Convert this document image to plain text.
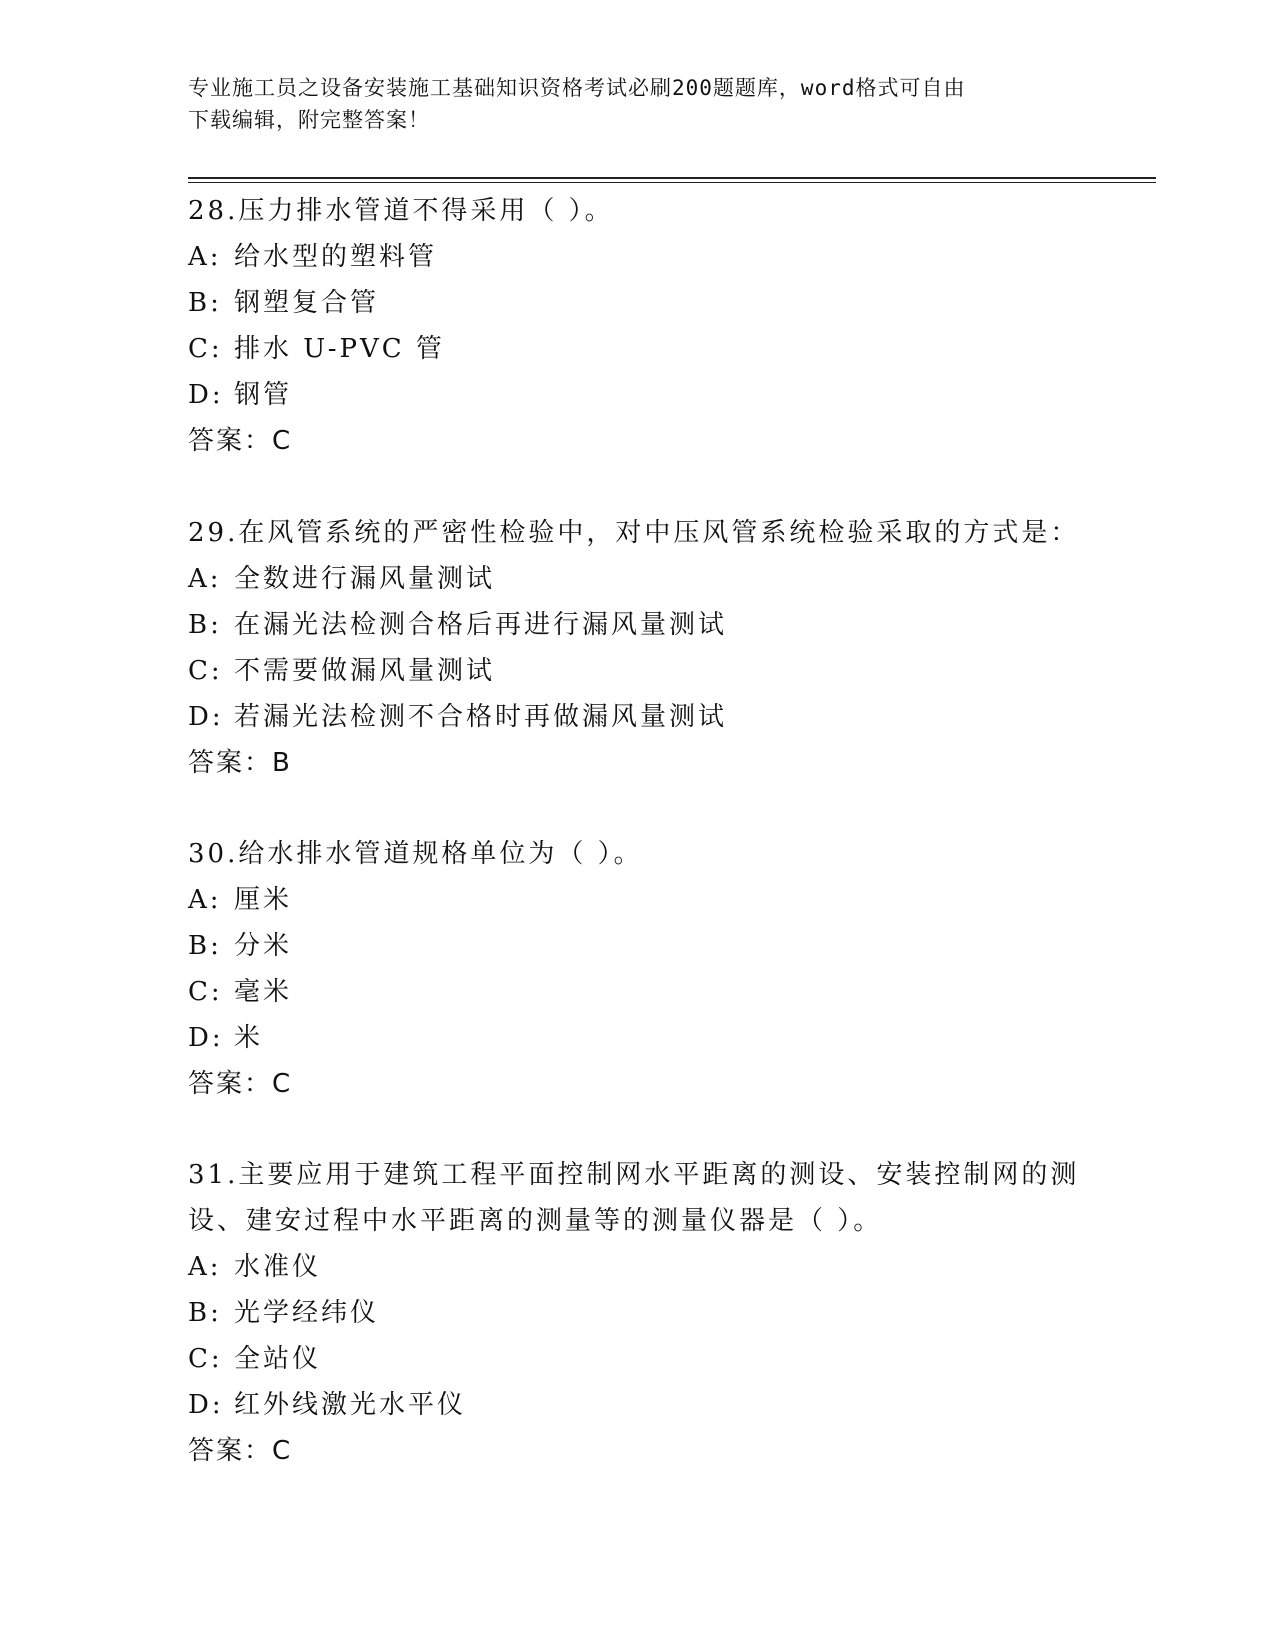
专业施工员之设备安装施工基础知识资格考试必刷200题题库，word格式可自由
下载编辑，附完整答案！
28.压力排水管道不得采用（ ）。
A: 给水型的塑料管
B: 钢塑复合管
C: 排水 U-PVC 管
D: 钢管
答案：C
29.在风管系统的严密性检验中，对中压风管系统检验采取的方式是：
A: 全数进行漏风量测试
B: 在漏光法检测合格后再进行漏风量测试
C: 不需要做漏风量测试
D: 若漏光法检测不合格时再做漏风量测试
答案：B
30.给水排水管道规格单位为（ ）。
A: 厘米
B: 分米
C: 毫米
D: 米
答案：C
31.主要应用于建筑工程平面控制网水平距离的测设、安装控制网的测设、建安过程中水平距离的测量等的测量仪器是（ ）。
A: 水准仪
B: 光学经纬仪
C: 全站仪
D: 红外线激光水平仪
答案：C
